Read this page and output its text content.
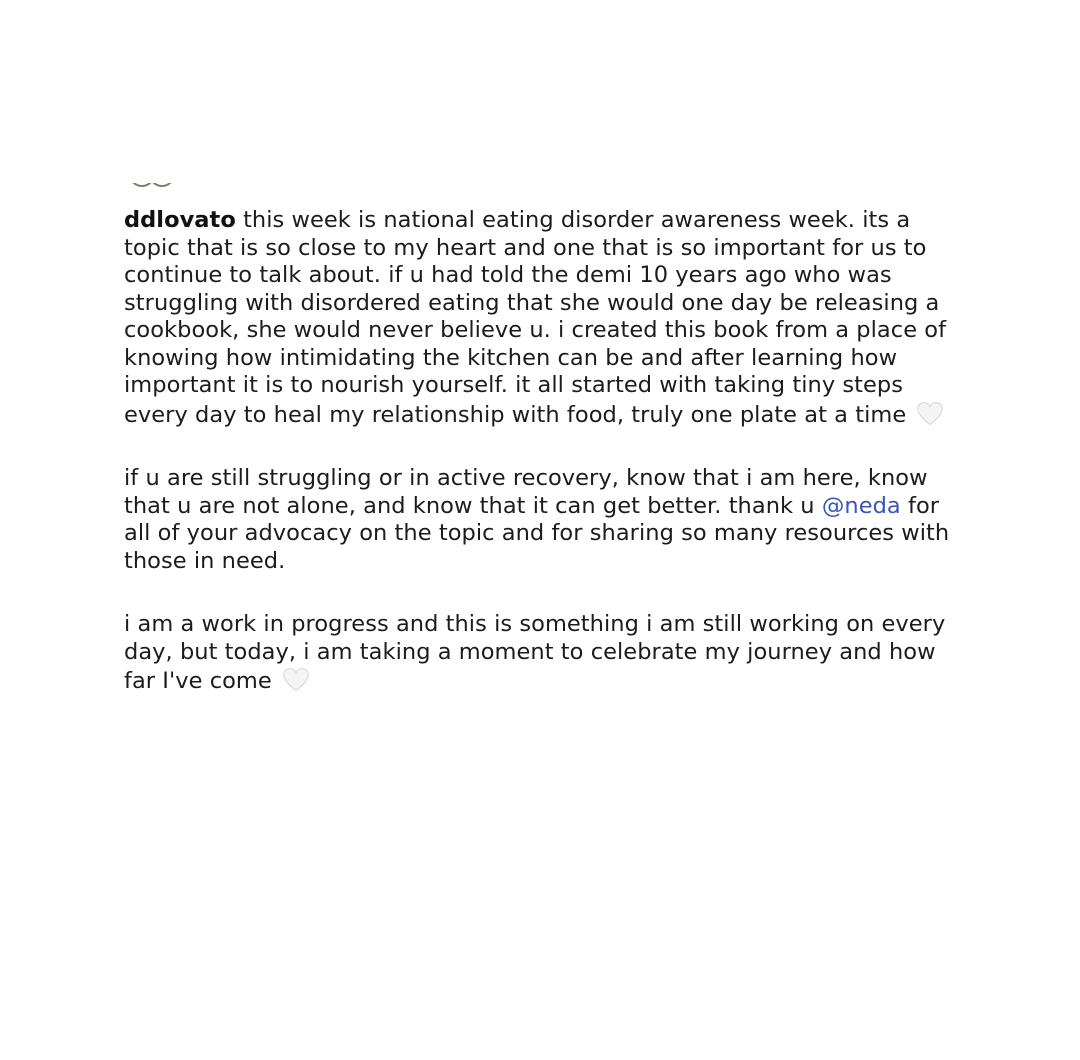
ddlovato this week is national eating disorder awareness week. its a topic that is so close to my heart and one that is so important for us to continue to talk about. if u had told the demi 10 years ago who was struggling with disordered eating that she would one day be releasing a cookbook, she would never believe u. i created this book from a place of knowing how intimidating the kitchen can be and after learning how important it is to nourish yourself. it all started with taking tiny steps every day to heal my relationship with food, truly one plate at a time

if u are still struggling or in active recovery, know that i am here, know that u are not alone, and know that it can get better. thank u @neda for all of your advocacy on the topic and for sharing so many resources with those in need.

i am a work in progress and this is something i am still working on every day, but today, i am taking a moment to celebrate my journey and how far I've come
